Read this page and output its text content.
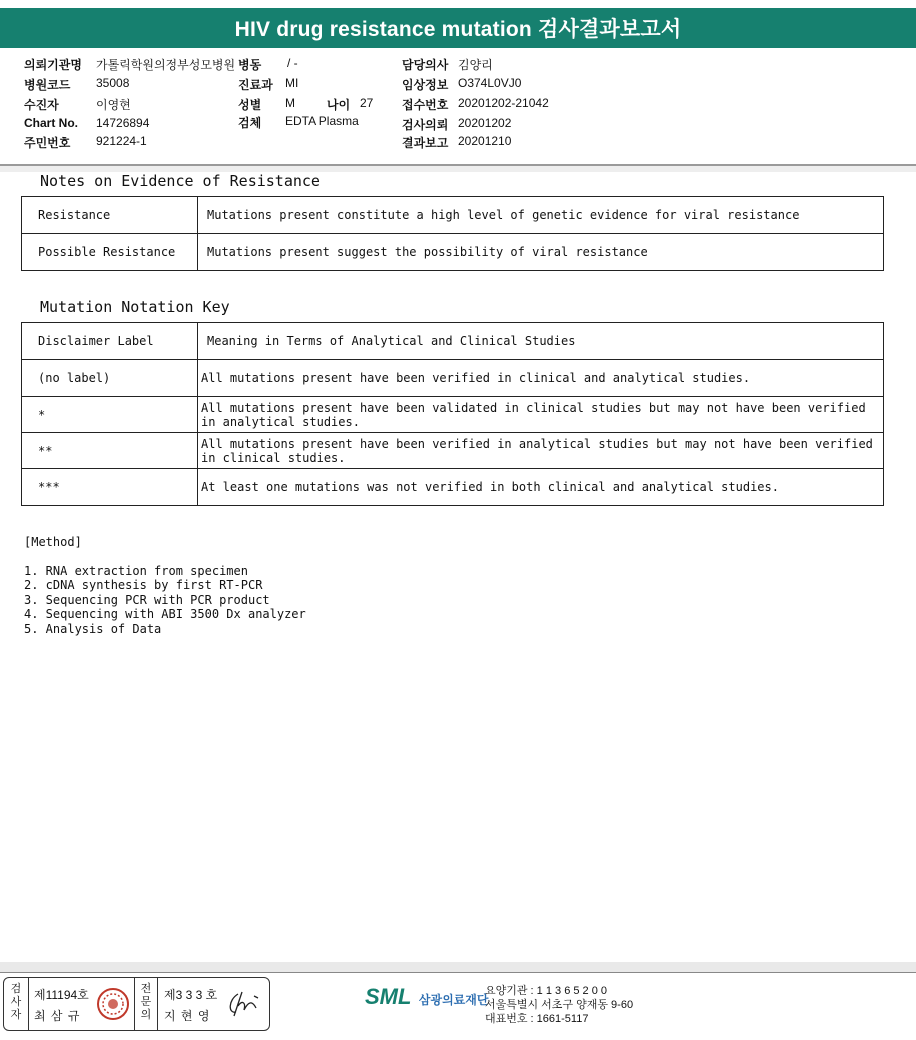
HIV drug resistance mutation 검사결과보고서
의뢰기관명 가톨릭학원의정부성모병원 병동 / -	담당의사 김양리
병원코드 35008	진료과 MI	임상정보 O374L0VJ0
수진자	이영현	성별 M	나이 27 접수번호 20201202-21042
Chart No. 14726894	검체 EDTA Plasma	검사의뢰 20201202
주민번호 921224-1	결과보고 20201210
Notes on Evidence of Resistance
Resistance	Mutations present constitute a high level of genetic evidence for viral resistance
Possible Resistance	Mutations present suggest the possibility of viral resistance
Mutation Notation Key
Disclaimer Label	Meaning in Terms of Analytical and Clinical Studies
(no label)	All mutations present have been verified in clinical and analytical studies.
*	All mutations present have been validated in clinical studies but may not have been verified in analytical studies.
**	All mutations present have been verified in analytical studies but may not have been verified in clinical studies.
***	At least one mutations was not verified in both clinical and analytical studies.
[Method]
1. RNA extraction from specimen
2. cDNA synthesis by first RT-PCR
3. Sequencing PCR with PCR product
4. Sequencing with ABI 3500 Dx analyzer
5. Analysis of Data
검
사
자
제11194호
최 삼 규
전
문
의
제3 3 3 호
지 현 영
SML 삼광의료재단
요양기관 : 1 1 3 6 5 2 0 0
서울특별시 서초구 양재동 9-60
대표번호 : 1661-5117
